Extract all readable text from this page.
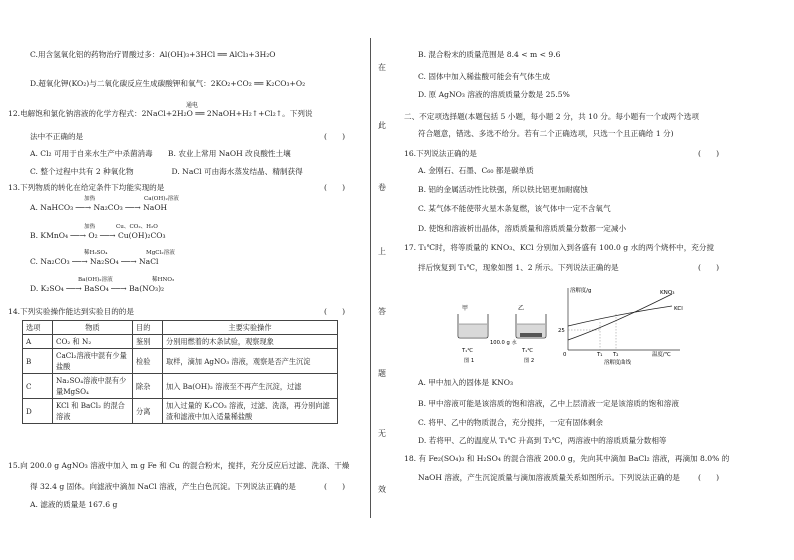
C.用含氢氧化铝的药物治疗胃酸过多：Al(OH)₃+3HCl ══ AlCl₃+3H₂O
D.超氧化钾(KO₂)与二氧化碳反应生成碳酸钾和氧气：2KO₂+CO₂ ══ K₂CO₃+O₂
通电
12.电解饱和氯化钠溶液的化学方程式：2NaCl+2H₂O ══ 2NaOH+H₂↑+Cl₂↑。下列说
法中不正确的是	(　　)
A. Cl₂ 可用于自来水生产中杀菌消毒　　B. 农业上常用 NaOH 改良酸性土壤
C. 整个过程中共有 2 种氧化物　　　　　D. NaCl 可由海水蒸发结晶、精制获得
13.下列物质的转化在给定条件下均能实现的是	(　　)
加热	Ca(OH)₂溶液
A. NaHCO₃ ──→ Na₂CO₃ ──→ NaOH
加热	Cu、CO₂、H₂O
B. KMnO₄ ──→ O₂ ──→ Cu(OH)₂CO₃
稀H₂SO₄	MgCl₂溶液
C. Na₂CO₃ ──→ Na₂SO₄ ──→ NaCl
Ba(OH)₂溶液	稀HNO₃
D. K₂SO₄ ──→ BaSO₄ ──→ Ba(NO₃)₂
14.下列实验操作能达到实验目的的是	(　　)
选项	物质	目的	主要实验操作
A	CO₂ 和 N₂	鉴别	分别用燃着的木条试验，观察现象
B	CaCl₂溶液中混有少量盐酸	检验	取样，滴加 AgNO₃ 溶液，观察是否产生沉淀
C	Na₂SO₄溶液中混有少量MgSO₄	除杂	加入 Ba(OH)₂ 溶液至不再产生沉淀，过滤
D	KCl 和 BaCl₂ 的混合溶液	分离	加入过量的 K₂CO₃ 溶液，过滤、洗涤，再分别向滤渣和滤液中加入适量稀盐酸
15.向 200.0 g AgNO₃ 溶液中加入 m g Fe 和 Cu 的混合粉末，搅拌，充分反应后过滤、洗涤、干燥
得 32.4 g 固体。向滤液中滴加 NaCl 溶液，产生白色沉淀。下列说法正确的是	(　　)
A. 滤液的质量是 167.6 g
在
此
卷
上
答
题
无
效
B. 混合粉末的质量范围是 8.4 < m < 9.6
C. 固体中加入稀盐酸可能会有气体生成
D. 原 AgNO₃ 溶液的溶质质量分数是 25.5%
二、不定项选择题(本题包括 5 小题，每小题 2 分，共 10 分。每小题有一个或两个选项
符合题意，错选、多选不给分。若有二个正确选项，只选一个且正确给 1 分)
16.下列说法正确的是	(　　)
A. 金刚石、石墨、C₆₀ 都是碳单质
B. 铝的金属活动性比铁强，所以铁比铝更加耐腐蚀
C. 某气体不能使带火星木条复燃，该气体中一定不含氧气
D. 使饱和溶液析出晶体，溶质质量和溶质质量分数都一定减小
17. T₁℃时，将等质量的 KNO₃、KCl 分别加入到各盛有 100.0 g 水的两个烧杯中，充分搅
拌后恢复到 T₁℃，现象如图 1、2 所示。下列说法正确的是	(　　)
甲	乙
100.0 g 水
T₁℃	T₁℃
图 1	图 2
溶解度/g	KNO₃
KCl
25
0	T₁ T₂	温度/℃
溶解度曲线
A. 甲中加入的固体是 KNO₃
B. 甲中溶液可能是该溶质的饱和溶液，乙中上层清液一定是该溶质的饱和溶液
C. 将甲、乙中的物质混合，充分搅拌，一定有固体剩余
D. 若将甲、乙的温度从 T₁℃ 升高到 T₂℃，两溶液中的溶质质量分数相等
18. 有 Fe₂(SO₄)₃ 和 H₂SO₄ 的混合溶液 200.0 g，先向其中滴加 BaCl₂ 溶液，再滴加 8.0% 的
NaOH 溶液，产生沉淀质量与滴加溶液质量关系如图所示。下列说法正确的是 (　　)
